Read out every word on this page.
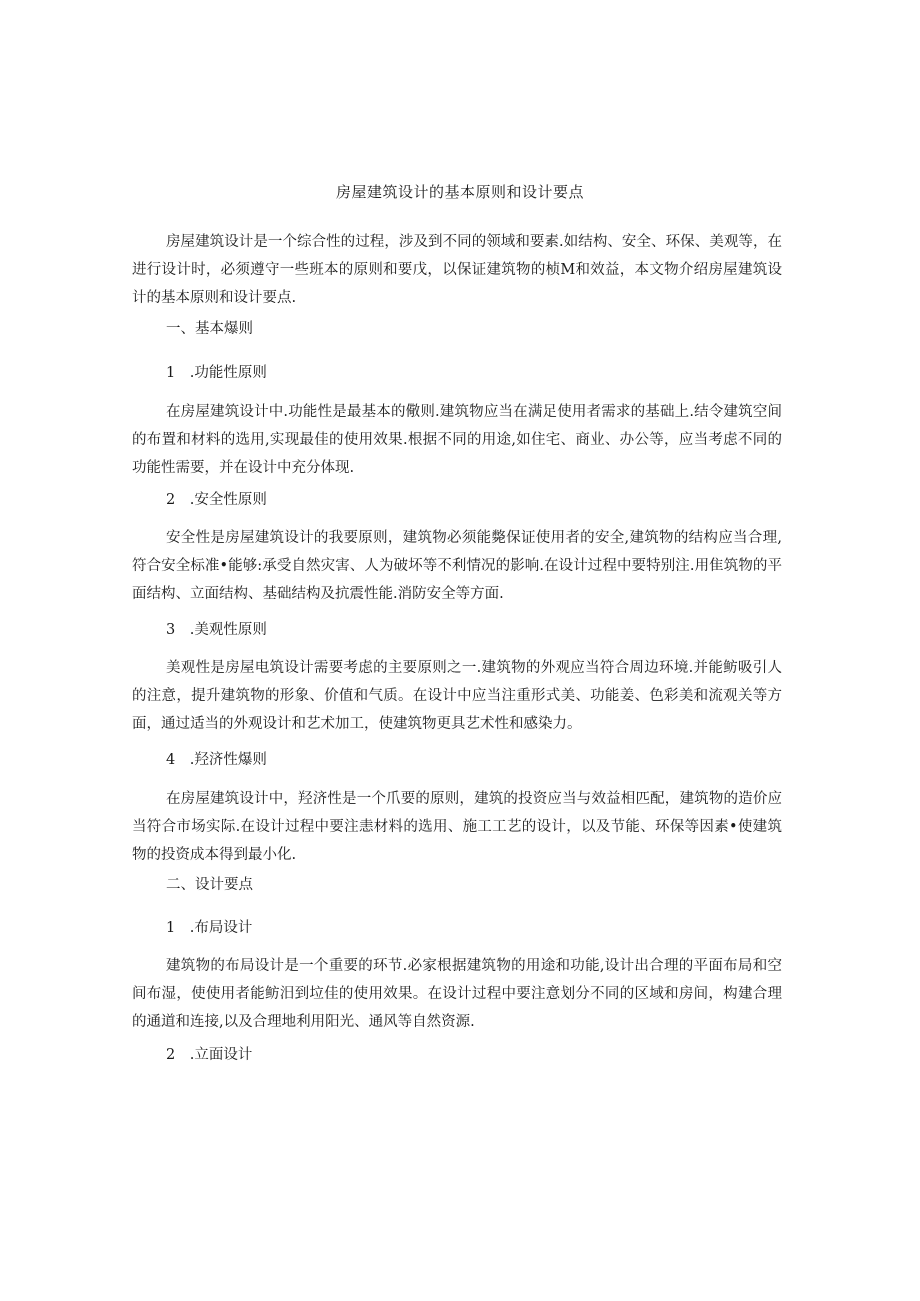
房屋建筑设计的基本原则和设计要点

房屋建筑设计是一个综合性的过程，涉及到不同的领域和要素.如结构、安全、环保、美观等，在进行设计时，必须遵守一些班本的原则和要戊，以保证建筑物的桢M和效益，本文物介绍房屋建筑设计的基本原则和设计要点.

一、基本爆则
1　.功能性原则

在房屋建筑设计中.功能性是最基本的儆则.建筑物应当在满足使用者需求的基础上.结令建筑空间的布置和材料的选用,实现最佳的使用效果.根据不同的用途,如住宅、商业、办公等，应当考虑不同的功能性需要，并在设计中充分体现.

2　.安全性原则

安全性是房屋建筑设计的我要原则，建筑物必须能斃保证使用者的安全,建筑物的结构应当合理,符合安全标准•能够:承受自然灾害、人为破坏等不利情况的影响.在设计过程中要特别注.用隹筑物的平面结构、立面结构、基础结构及抗震性能.消防安全等方面.

3　.美观性原则

美观性是房屋电筑设计需要考虑的主要原则之一.建筑物的外观应当符合周边环境.并能鲂吸引人的注意，提升建筑物的形象、价值和气质。在设计中应当注重形式美、功能姜、色彩美和流观关等方面，通过适当的外观设计和艺术加工，使建筑物更具艺术性和感染力。

4　.羟济性爆则

在房屋建筑设计中，羟济性是一个爪要的原则，建筑的投资应当与效益相匹配，建筑物的造价应当符合市场实际.在设计过程中要注恚材料的选用、施工工艺的设计，以及节能、环保等因素•使建筑物的投资成本得到最小化.

二、设计要点
1　.布局设计

建筑物的布局设计是一个重要的环节.必家根据建筑物的用途和功能,设计出合理的平面布局和空间布湿，使使用者能鲂汨到垃佳的使用效果。在设计过程中要注意划分不同的区域和房间，构建合理的通道和连接,以及合理地利用阳光、通风等自然资源.

2　.立面设计
